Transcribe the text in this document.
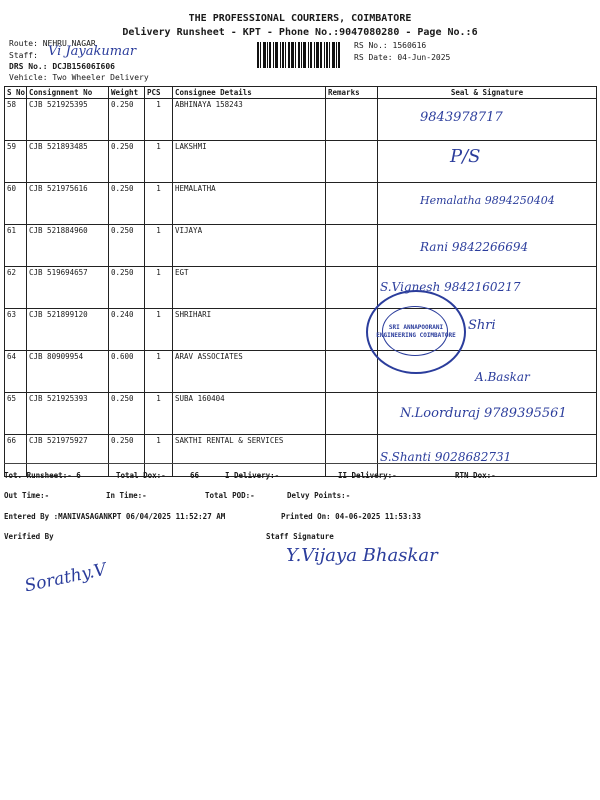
THE PROFESSIONAL COURIERS, COIMBATORE
Delivery Runsheet - KPT - Phone No.:9047080280 - Page No.:6
Route: NEHRU NAGAR
Staff: Vi Jayakumar
DRS No.: DCJB15606I606
Vehicle: Two Wheeler Delivery
RS No.: 1560616
RS Date: 04-Jun-2025
S No	Consignment No	Weight	PCS	Consignee Details	Remarks	Seal & Signature
58	CJB 521925395	0.250	1	ABHINAYA 158243		9843978717
59	CJB 521893485	0.250	1	LAKSHMI		P/S
60	CJB 521975616	0.250	1	HEMALATHA		Hemalatha 9894250404
61	CJB 521884960	0.250	1	VIJAYA		Rani 9842266694
62	CJB 519694657	0.250	1	EGT		S.Vignesh 9842160217
63	CJB 521899120	0.240	1	SHRIHARI		Shri
64	CJB 80909954	0.600	1	ARAV ASSOCIATES		A.Baskar
65	CJB 521925393	0.250	1	SUBA 160404		N.Loorduraj 9789395561
66	CJB 521975927	0.250	1	SAKTHI RENTAL & SERVICES		S.Shanti 9028682731
SRI ANNAPOORANI ENGINEERING COIMBATORE
Tot. Runsheet:- 6	Total Dox:-	66	I Delivery:-	II Delivery:-	RTN Dox:-
Out Time:-	In Time:-	Total POD:-	Delvy Points:-
Entered By :MANIVASAGANKPT 06/04/2025 11:52:27 AM	Printed On: 04-06-2025 11:53:33
Verified By	Staff Signature
Sorathy.V
Y.Vijaya Bhaskar
